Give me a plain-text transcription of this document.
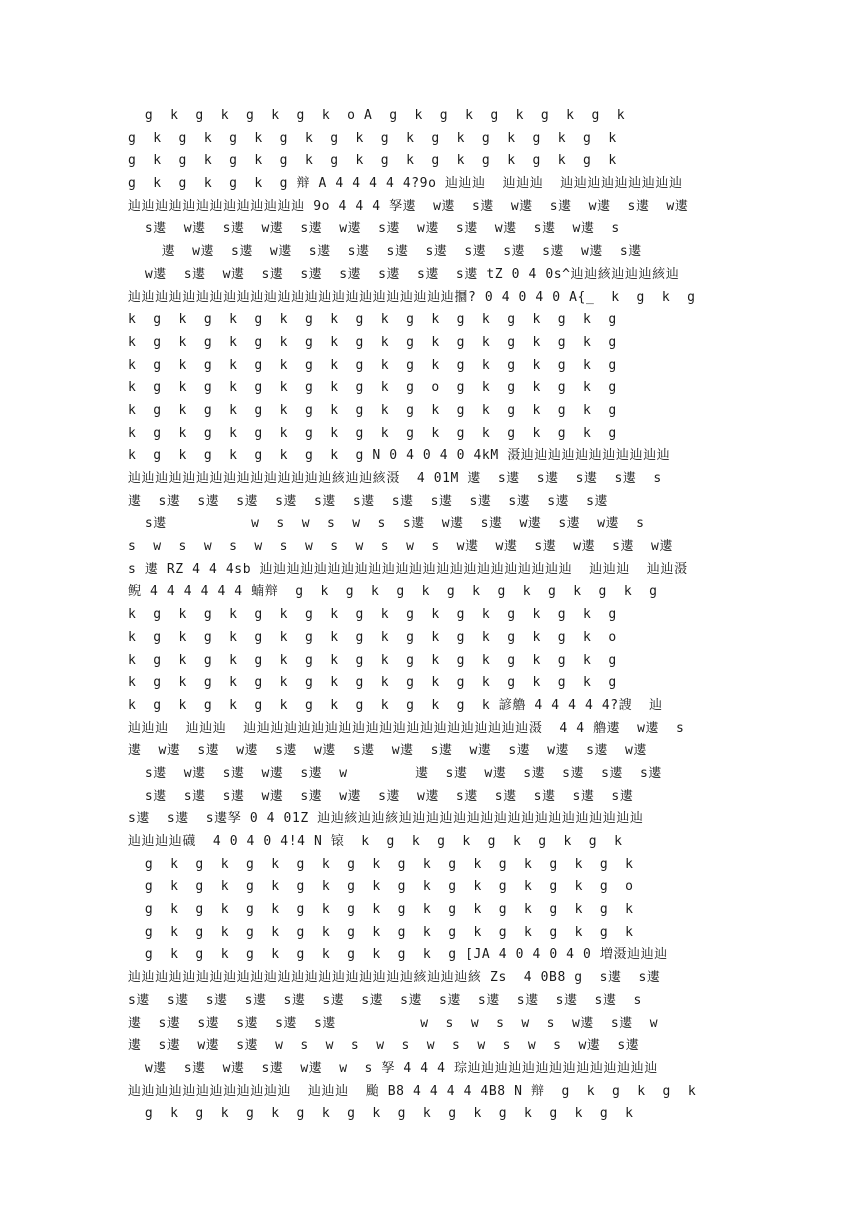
g  k  g  k  g  k  g  k  o A  g  k  g  k  g  k  g  k  g  k
g  k  g  k  g  k  g  k  g  k  g  k  g  k  g  k  g  k  g  k
g  k  g  k  g  k  g  k  g  k  g  k  g  k  g  k  g  k  g  k
g  k  g  k  g  k  g 辩 A 4 4 4 4 4?9o 辿辿辿  辿辿辿  辿辿辿辿辿辿辿辿辿
辿辿辿辿辿辿辿辿辿辿辿辿辿 9o 4 4 4 孥遱  w遱  s遱  w遱  s遱  w遱  s遱  w遱
s遱  w遱  s遱  w遱  s遱  w遱  s遱  w遱  s遱  w遱  s遱  w遱  s
遱  w遱  s遱  w遱  s遱  s遱  s遱  s遱  s遱  s遱  s遱  w遱  s遱
w遱  s遱  w遱  s遱  s遱  s遱  s遱  s遱  s遱 tZ 0 4 0s^辿辿絯辿辿辿絯辿
辿辿辿辿辿辿辿辿辿辿辿辿辿辿辿辿辿辿辿辿辿辿辿辿攌? 0 4 0 4 0 A{_  k  g  k  g
k  g  k  g  k  g  k  g  k  g  k  g  k  g  k  g  k  g  k  g
k  g  k  g  k  g  k  g  k  g  k  g  k  g  k  g  k  g  k  g
k  g  k  g  k  g  k  g  k  g  k  g  k  g  k  g  k  g  k  g
k  g  k  g  k  g  k  g  k  g  k  g  o  g  k  g  k  g  k  g
k  g  k  g  k  g  k  g  k  g  k  g  k  g  k  g  k  g  k  g
k  g  k  g  k  g  k  g  k  g  k  g  k  g  k  g  k  g  k  g
k  g  k  g  k  g  k  g  k  g N 0 4 0 4 0 4kM 滠辿辿辿辿辿辿辿辿辿辿辿
辿辿辿辿辿辿辿辿辿辿辿辿辿辿辿絯辿辿絯滠  4 01M 遱  s遱  s遱  s遱  s遱  s
遱  s遱  s遱  s遱  s遱  s遱  s遱  s遱  s遱  s遱  s遱  s遱  s遱
s遱          w  s  w  s  w  s  s遱  w遱  s遱  w遱  s遱  w遱  s
s  w  s  w  s  w  s  w  s  w  s  w  s  w遱  w遱  s遱  w遱  s遱  w遱
s 遱 RZ 4 4 4sb 辿辿辿辿辿辿辿辿辿辿辿辿辿辿辿辿辿辿辿辿辿辿辿  辿辿辿  辿辿滠
鲵 4 4 4 4 4 4 蝻辩  g  k  g  k  g  k  g  k  g  k  g  k  g  k  g
k  g  k  g  k  g  k  g  k  g  k  g  k  g  k  g  k  g  k  g
k  g  k  g  k  g  k  g  k  g  k  g  k  g  k  g  k  g  k  o
k  g  k  g  k  g  k  g  k  g  k  g  k  g  k  g  k  g  k  g
k  g  k  g  k  g  k  g  k  g  k  g  k  g  k  g  k  g  k  g
k  g  k  g  k  g  k  g  k  g  k  g  k  g  k 諺艪 4 4 4 4 4?謏  辿
辿辿辿  辿辿辿  辿辿辿辿辿辿辿辿辿辿辿辿辿辿辿辿辿辿辿辿辿滠  4 4 艪遱  w遱  s
遱  w遱  s遱  w遱  s遱  w遱  s遱  w遱  s遱  w遱  s遱  w遱  s遱  w遱
s遱  w遱  s遱  w遱  s遱  w        遱  s遱  w遱  s遱  s遱  s遱  s遱
s遱  s遱  s遱  w遱  s遱  w遱  s遱  w遱  s遱  s遱  s遱  s遱  s遱
s遱  s遱  s遱孥 0 4 01Z 辿辿絯辿辿絯辿辿辿辿辿辿辿辿辿辿辿辿辿辿辿辿辿辿
辿辿辿辿礣  4 0 4 0 4!4 N 锿  k  g  k  g  k  g  k  g  k  g  k
g  k  g  k  g  k  g  k  g  k  g  k  g  k  g  k  g  k  g  k
g  k  g  k  g  k  g  k  g  k  g  k  g  k  g  k  g  k  g  o
g  k  g  k  g  k  g  k  g  k  g  k  g  k  g  k  g  k  g  k
g  k  g  k  g  k  g  k  g  k  g  k  g  k  g  k  g  k  g  k
g  k  g  k  g  k  g  k  g  k  g  k  g [JA 4 0 4 0 4 0 増滠辿辿辿
辿辿辿辿辿辿辿辿辿辿辿辿辿辿辿辿辿辿辿辿辿絯辿辿辿絯 Zs  4 0B8 g  s遱  s遱
s遱  s遱  s遱  s遱  s遱  s遱  s遱  s遱  s遱  s遱  s遱  s遱  s遱  s
遱  s遱  s遱  s遱  s遱  s遱          w  s  w  s  w  s  w遱  s遱  w
遱  s遱  w遱  s遱  w  s  w  s  w  s  w  s  w  s  w  s  w遱  s遱
w遱  s遱  w遱  s遱  w遱  w  s 孥 4 4 4 琮辿辿辿辿辿辿辿辿辿辿辿辿辿辿
辿辿辿辿辿辿辿辿辿辿辿辿  辿辿辿  颱 B8 4 4 4 4 4B8 N 辩  g  k  g  k  g  k
g  k  g  k  g  k  g  k  g  k  g  k  g  k  g  k  g  k  g  k
